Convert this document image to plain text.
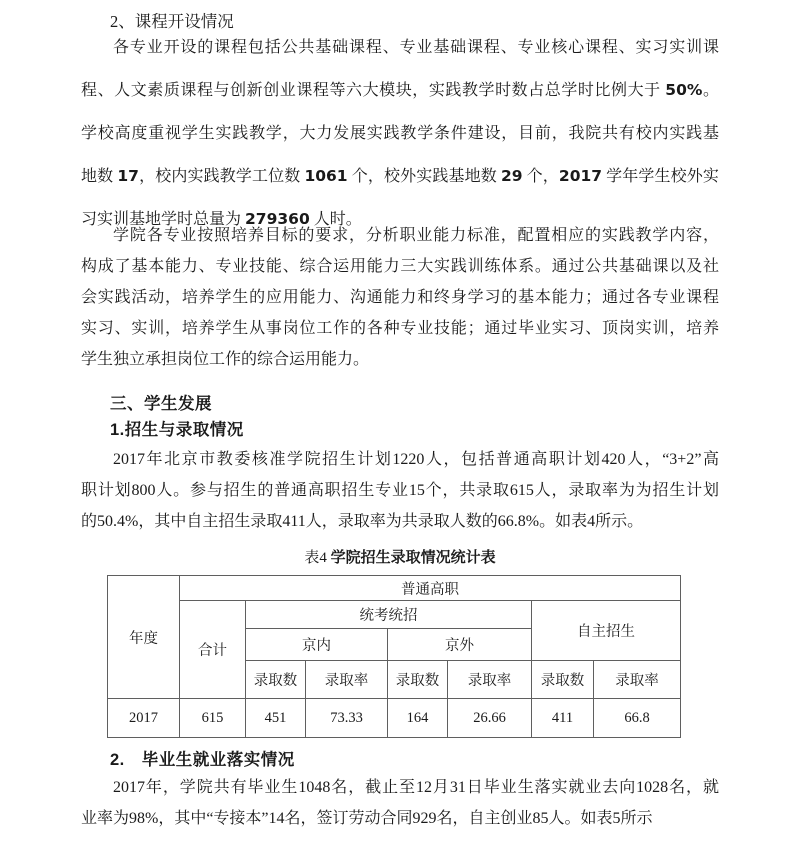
2、课程开设情况
各专业开设的课程包括公共基础课程、专业基础课程、专业核心课程、实习实训课
程、人文素质课程与创新创业课程等六大模块，实践教学时数占总学时比例大于 50%。
学校高度重视学生实践教学，大力发展实践教学条件建设，目前，我院共有校内实践基
地数 17，校内实践教学工位数 1061 个，校外实践基地数 29 个，2017 学年学生校外实
习实训基地学时总量为 279360 人时。
学院各专业按照培养目标的要求，分析职业能力标准，配置相应的实践教学内容，
构成了基本能力、专业技能、综合运用能力三大实践训练体系。通过公共基础课以及社
会实践活动，培养学生的应用能力、沟通能力和终身学习的基本能力；通过各专业课程
实习、实训，培养学生从事岗位工作的各种专业技能；通过毕业实习、顶岗实训，培养
学生独立承担岗位工作的综合运用能力。
三、学生发展
1.招生与录取情况
2017年北京市教委核准学院招生计划1220人，包括普通高职计划420人，“3+2”高
职计划800人。参与招生的普通高职招生专业15个，共录取615人，录取率为为招生计划
的50.4%，其中自主招生录取411人，录取率为共录取人数的66.8%。如表4所示。
表4 学院招生录取情况统计表
年度	普通高职						
	合计	统考统招				自主招生	
		京内		京外			
		录取数	录取率	录取数	录取率	录取数	录取率
2017	615	451	73.33	164	26.66	411	66.8
2.　毕业生就业落实情况
2017年，学院共有毕业生1048名，截止至12月31日毕业生落实就业去向1028名，就
业率为98%，其中“专接本”14名，签订劳动合同929名，自主创业85人。如表5所示
